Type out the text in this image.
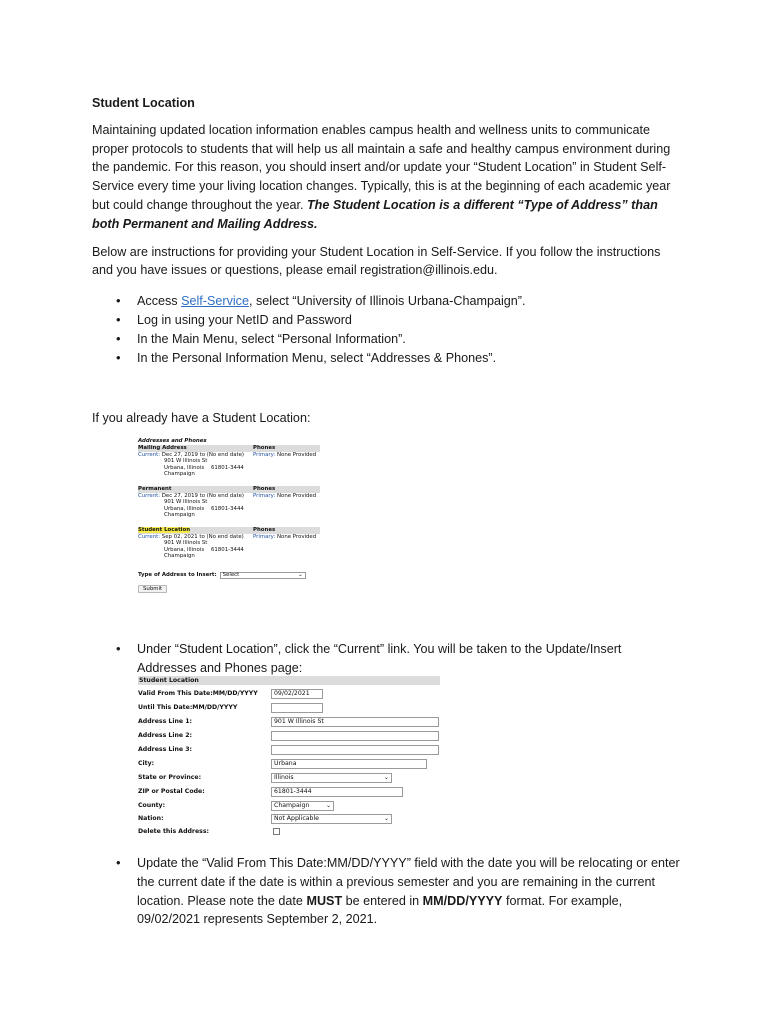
Student Location

Maintaining updated location information enables campus health and wellness units to communicate proper protocols to students that will help us all maintain a safe and healthy campus environment during the pandemic. For this reason, you should insert and/or update your “Student Location” in Student Self-Service every time your living location changes. Typically, this is at the beginning of each academic year but could change throughout the year. The Student Location is a different “Type of Address” than both Permanent and Mailing Address.

Below are instructions for providing your Student Location in Self-Service. If you follow the instructions and you have issues or questions, please email registration@illinois.edu.

• Access Self-Service, select “University of Illinois Urbana-Champaign”.
• Log in using your NetID and Password
• In the Main Menu, select “Personal Information”.
• In the Personal Information Menu, select “Addresses & Phones”.

If you already have a Student Location:

Addresses and Phones
Mailing Address	Phones
Current: Dec 27, 2019 to (No end date)	Primary: None Provided
901 W Illinois St
Urbana, Illinois    61801-3444
Champaign
Permanent	Phones
Current: Dec 27, 2019 to (No end date)	Primary: None Provided
901 W Illinois St
Urbana, Illinois    61801-3444
Champaign
Student Location	Phones
Current: Sep 02, 2021 to (No end date)	Primary: None Provided
901 W Illinois St
Urbana, Illinois    61801-3444
Champaign
Type of Address to Insert: Select	⌄
Submit
• Under “Student Location”, click the “Current” link. You will be taken to the Update/Insert Addresses and Phones page:
Student Location
Valid From This Date:MM/DD/YYYY	09/02/2021
Until This Date:MM/DD/YYYY
Address Line 1:	901 W Illinois St
Address Line 2:
Address Line 3:
City:	Urbana
State or Province:	Illinois	⌄
ZIP or Postal Code:	61801-3444
County:	Champaign	⌄
Nation:	Not Applicable	⌄
Delete this Address:
• Update the “Valid From This Date:MM/DD/YYYY” field with the date you will be relocating or enter the current date if the date is within a previous semester and you are remaining in the current location. Please note the date MUST be entered in MM/DD/YYYY format. For example, 09/02/2021 represents September 2, 2021.
